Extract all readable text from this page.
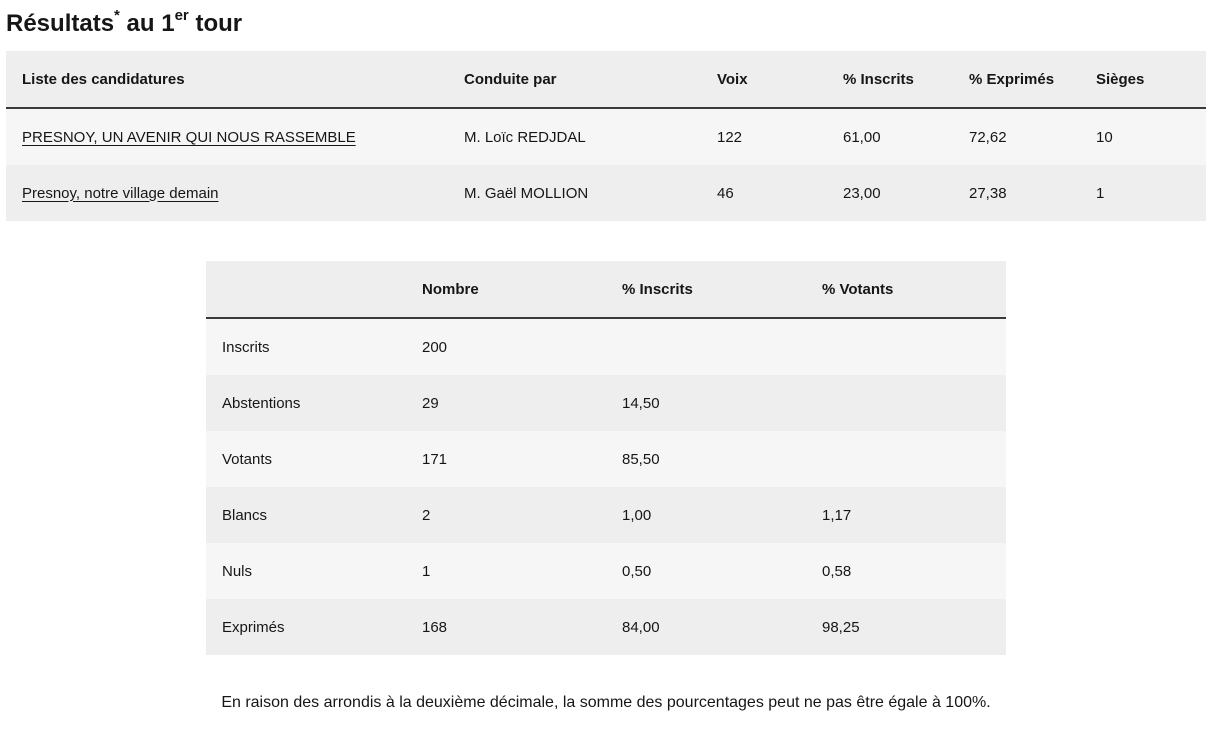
Résultats* au 1er tour
Liste des candidatures	Conduite par	Voix	% Inscrits	% Exprimés	Sièges
PRESNOY, UN AVENIR QUI NOUS RASSEMBLE	M. Loïc REDJDAL	122	61,00	72,62	10
Presnoy, notre village demain	M. Gaël MOLLION	46	23,00	27,38	1
	Nombre	% Inscrits	% Votants
Inscrits	200		
Abstentions	29	14,50	
Votants	171	85,50	
Blancs	2	1,00	1,17
Nuls	1	0,50	0,58
Exprimés	168	84,00	98,25

En raison des arrondis à la deuxième décimale, la somme des pourcentages peut ne pas être égale à 100%.
